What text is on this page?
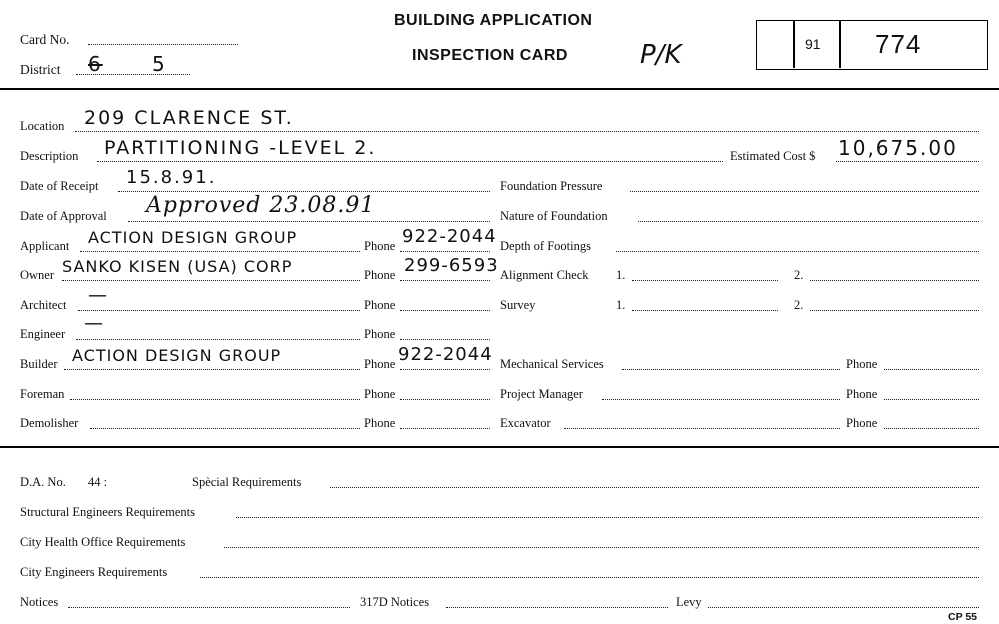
Card No.
District 6 5
BUILDING APPLICATION
INSPECTION CARD	P/K	91 774
Location 209 CLARENCE ST.
Description PARTITIONING -LEVEL 2.	Estimated Cost $ 10,675.00
Date of Receipt 15.8.91.	Foundation Pressure
Date of Approval Approved 23.08.91	Nature of Foundation
Applicant ACTION DESIGN GROUP	Phone 922-2044 Depth of Footings
Owner SANKO KISEN (USA) CORP	Phone 299-6593 Alignment Check 1.	2.
Architect —	Phone	Survey	1.	2.
Engineer —	Phone
Builder ACTION DESIGN GROUP	Phone 922-2044 Mechanical Services	Phone
Foreman	Phone	Project Manager	Phone
Demolisher	Phone	Excavator	Phone
D.A. No. 44 :	Spècial Requirements
Structural Engineers Requirements
City Health Office Requirements
City Engineers Requirements
Notices	317D Notices	Levy
CP 55
